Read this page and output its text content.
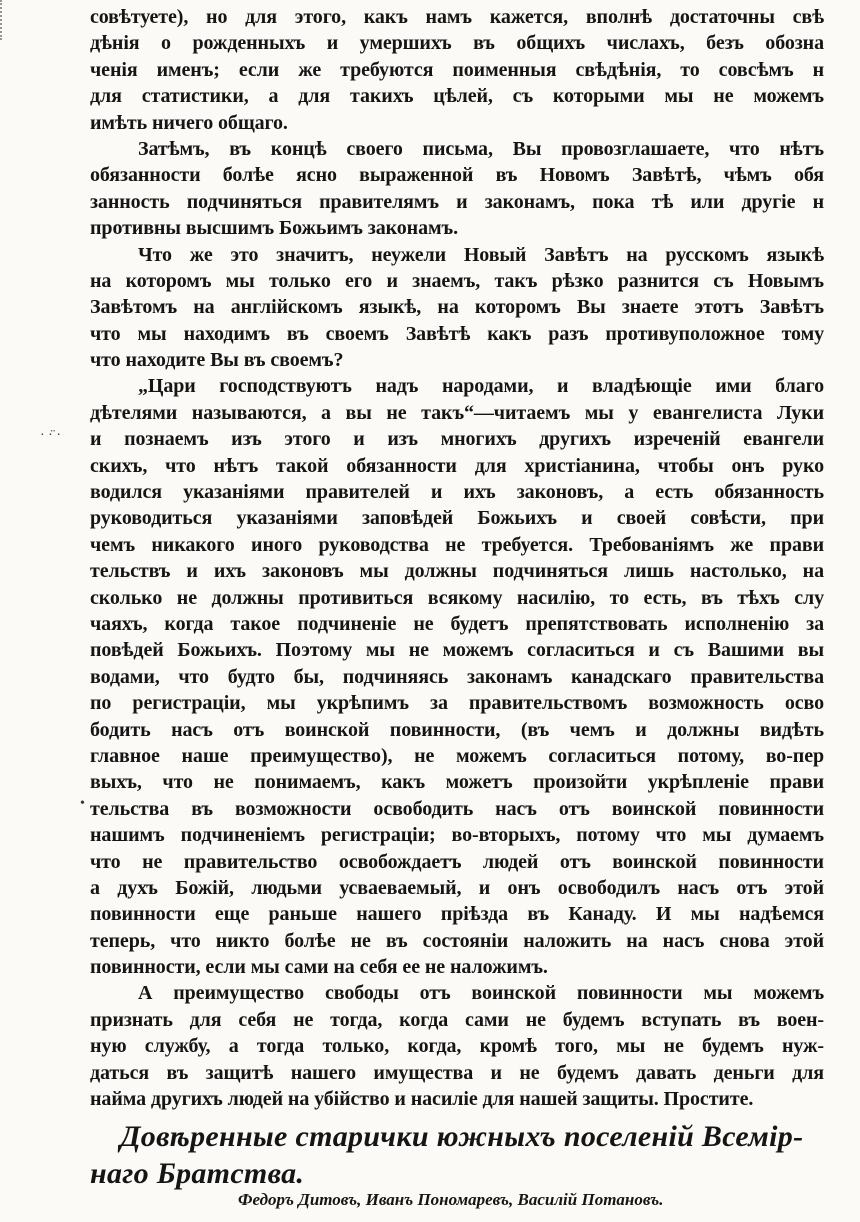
· ·̈ ·
•
совѣтуете), но для этого, какъ намъ кажется, вполнѣ достаточны свѣ
дѣнія о рожденныхъ и умершихъ въ общихъ числахъ, безъ обозна
ченія именъ; если же требуются поименныя свѣдѣнія, то совсѣмъ н
для статистики, а для такихъ цѣлей, съ которыми мы не можемъ
имѣть ничего общаго.
Затѣмъ, въ концѣ своего письма, Вы провозглашаете, что нѣтъ
обязанности болѣе ясно выраженной въ Новомъ Завѣтѣ, чѣмъ обя
занность подчиняться правителямъ и законамъ, пока тѣ или другіе н
противны высшимъ Божьимъ законамъ.
Что же это значитъ, неужели Новый Завѣтъ на русскомъ языкѣ
на которомъ мы только его и знаемъ, такъ рѣзко разнится съ Новымъ
Завѣтомъ на англійскомъ языкѣ, на которомъ Вы знаете этотъ Завѣтъ
что мы находимъ въ своемъ Завѣтѣ какъ разъ противуположное тому
что находите Вы въ своемъ?
„Цари господствуютъ надъ народами, и владѣющіе ими благо
дѣтелями называются, а вы не такъ“—читаемъ мы у евангелиста Луки
и познаемъ изъ этого и изъ многихъ другихъ изреченій евангели
скихъ, что нѣтъ такой обязанности для христіанина, чтобы онъ руко
водился указаніями правителей и ихъ законовъ, а есть обязанность
руководиться указаніями заповѣдей Божьихъ и своей совѣсти, при
чемъ никакого иного руководства не требуется. Требованіямъ же прави
тельствъ и ихъ законовъ мы должны подчиняться лишь настолько, на
сколько не должны противиться всякому насилію, то есть, въ тѣхъ слу
чаяхъ, когда такое подчиненіе не будетъ препятствовать исполненію за
повѣдей Божьихъ. Поэтому мы не можемъ согласиться и съ Вашими вы
водами, что будто бы, подчиняясь законамъ канадскаго правительства
по регистраціи, мы укрѣпимъ за правительствомъ возможность осво
бодить насъ отъ воинской повинности, (въ чемъ и должны видѣть
главное наше преимущество), не можемъ согласиться потому, во-пер
выхъ, что не понимаемъ, какъ можетъ произойти укрѣпленіе прави
тельства въ возможности освободить насъ отъ воинской повинности
нашимъ подчиненіемъ регистраціи; во-вторыхъ, потому что мы думаемъ
что не правительство освобождаетъ людей отъ воинской повинности
а духъ Божій, людьми усваеваемый, и онъ освободилъ насъ отъ этой
повинности еще раньше нашего пріѣзда въ Канаду. И мы надѣемся
теперь, что никто болѣе не въ состояніи наложить на насъ снова этой
повинности, если мы сами на себя ее не наложимъ.
А преимущество свободы отъ воинской повинности мы можемъ
признать для себя не тогда, когда сами не будемъ вступать въ воен-
ную службу, а тогда только, когда, кромѣ того, мы не будемъ нуж-
даться въ защитѣ нашего имущества и не будемъ давать деньги для
найма другихъ людей на убійство и насиліе для нашей защиты. Простите.
Довѣренные старички южныхъ поселеній Всемір-
наго Братства.
Федоръ Дитовъ, Иванъ Пономаревъ, Василій Потановъ.
